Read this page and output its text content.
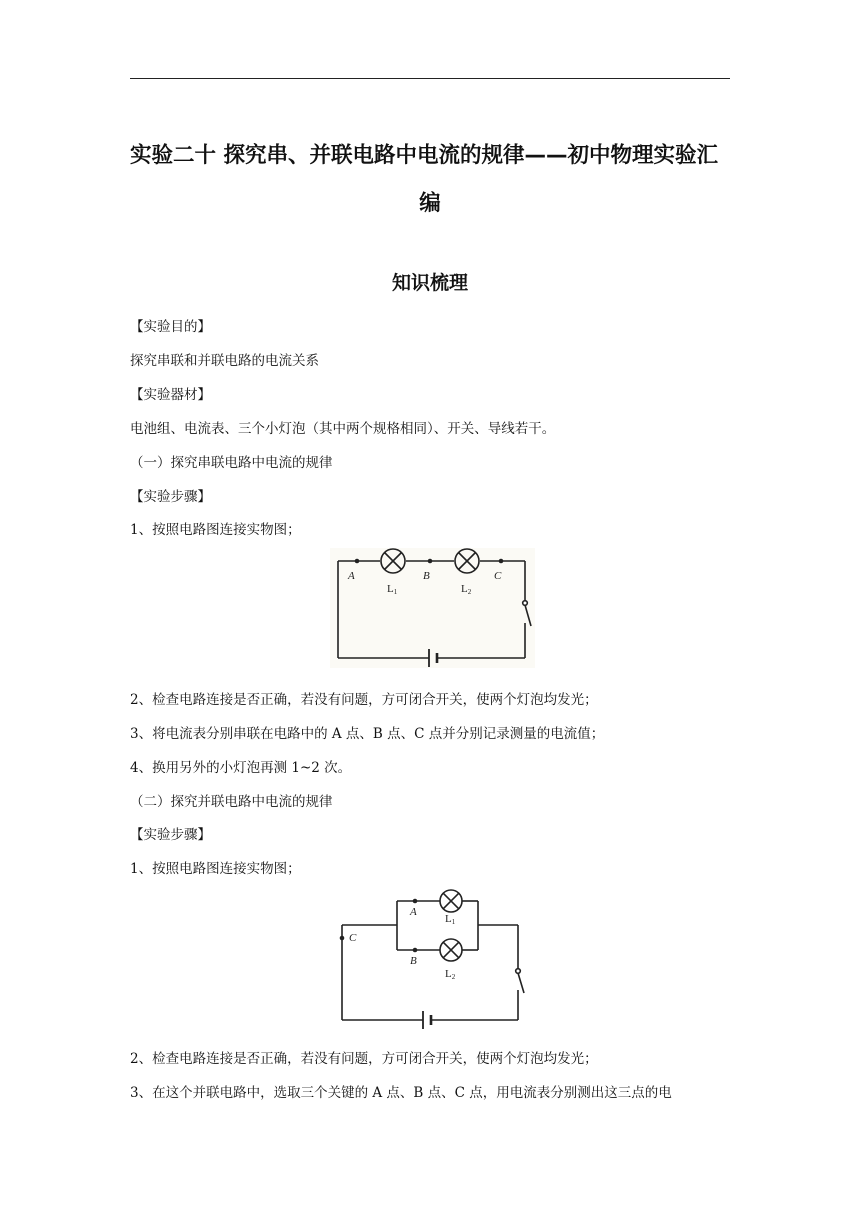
实验二十 探究串、并联电路中电流的规律——初中物理实验汇
编
知识梳理
【实验目的】
探究串联和并联电路的电流关系
【实验器材】
电池组、电流表、三个小灯泡（其中两个规格相同）、开关、导线若干。
（一）探究串联电路中电流的规律
【实验步骤】
1、按照电路图连接实物图；
A	B	C
L1	L2
2、检查电路连接是否正确，若没有问题，方可闭合开关，使两个灯泡均发光；
3、将电流表分别串联在电路中的 A 点、B 点、C 点并分别记录测量的电流值；
4、换用另外的小灯泡再测 1~2 次。
（二）探究并联电路中电流的规律
【实验步骤】
1、按照电路图连接实物图；
A
B
C
L1
L2
2、检查电路连接是否正确，若没有问题，方可闭合开关，使两个灯泡均发光；
3、在这个并联电路中，选取三个关键的 A 点、B 点、C 点，用电流表分别测出这三点的电
